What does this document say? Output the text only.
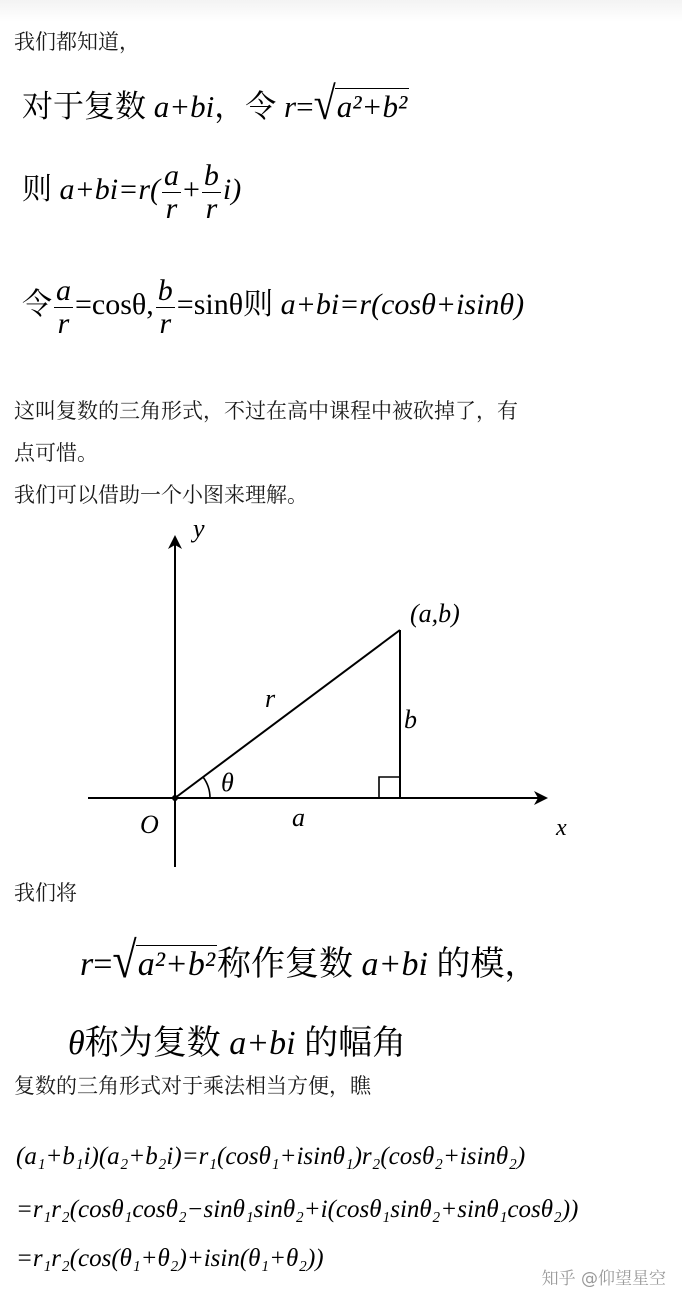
我们都知道，
对于复数 a+bi，令 r=√a²+b²
则 $a+bi=r( \frac{a}{r} + \frac{b}{r} i)$
令 $\frac{a}{r} =\cos\theta$, $\frac{b}{r} =\sin\theta$则 a+bi=r(cosθ+isinθ)
这叫复数的三角形式，不过在高中课程中被砍掉了，有
点可惜。
我们可以借助一个小图来理解。
y
x
O
(a,b)
r
b
a
θ
我们将
r=√a²+b²称作复数 a+bi 的模，
θ称为复数 a+bi 的幅角
复数的三角形式对于乘法相当方便，瞧
(a₁+b₁i)(a₂+b₂i)=r₁(cosθ₁+isinθ₁)r₂(cosθ₂+isinθ₂)
=r₁r₂(cosθ₁cosθ₂−sinθ₁sinθ₂+i(cosθ₁sinθ₂+sinθ₁cosθ₂))
=r₁r₂(cos(θ₁+θ₂)+isin(θ₁+θ₂))
知乎 @仰望星空
